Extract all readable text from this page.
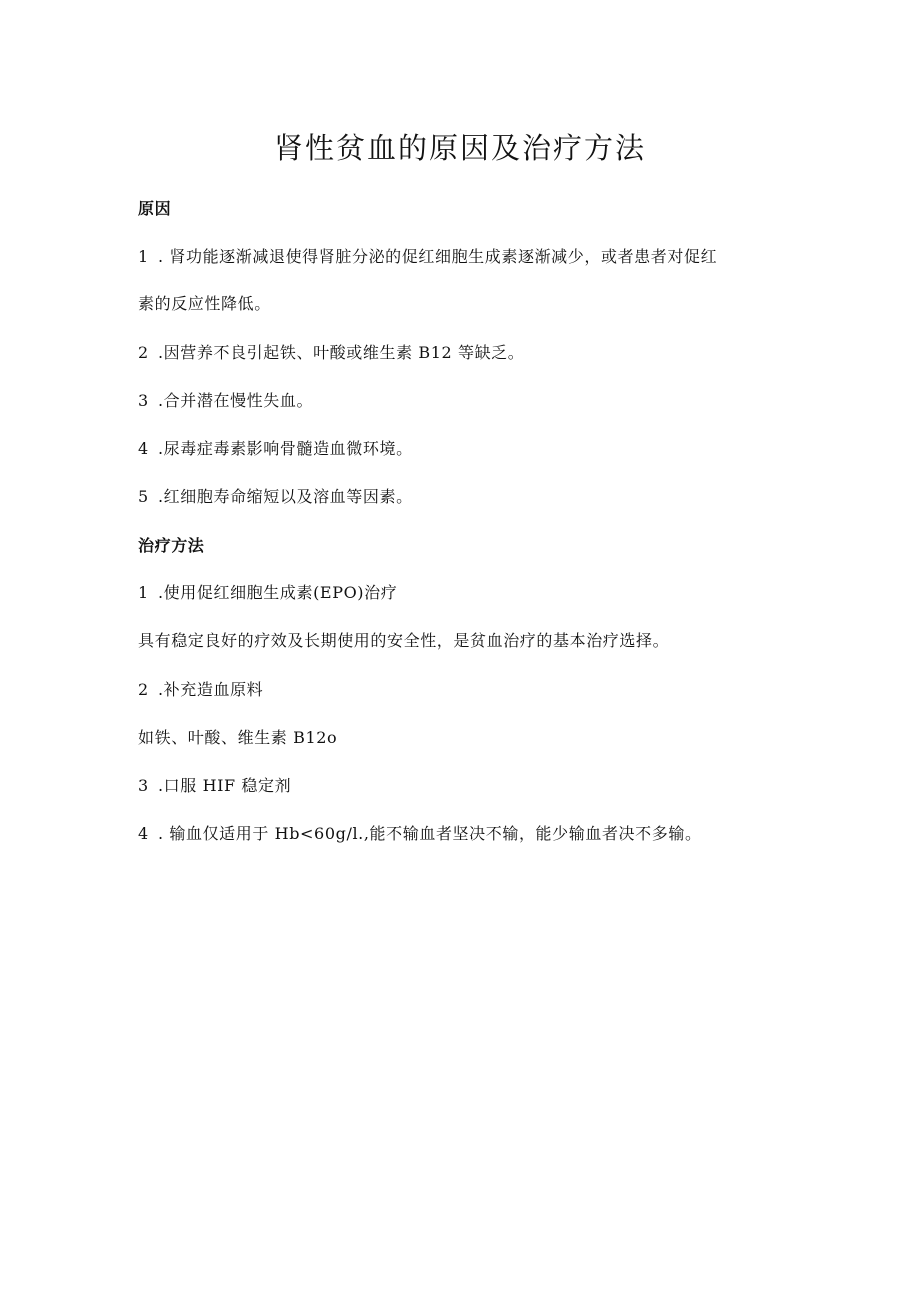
肾性贫血的原因及治疗方法
原因
1 . 肾功能逐渐减退使得肾脏分泌的促红细胞生成素逐渐减少，或者患者对促红
素的反应性降低。
2 .因营养不良引起铁、叶酸或维生素 B12 等缺乏。
3 .合并潜在慢性失血。
4 .尿毒症毒素影响骨髓造血微环境。
5 .红细胞寿命缩短以及溶血等因素。
治疗方法
1 .使用促红细胞生成素(EPO)治疗
具有稳定良好的疗效及长期使用的安全性，是贫血治疗的基本治疗选择。
2 .补充造血原料
如铁、叶酸、维生素 B12o
3 .口服 HIF 稳定剂
4 . 输血仅适用于 Hb<60g/l.,能不输血者坚决不输，能少输血者决不多输。
